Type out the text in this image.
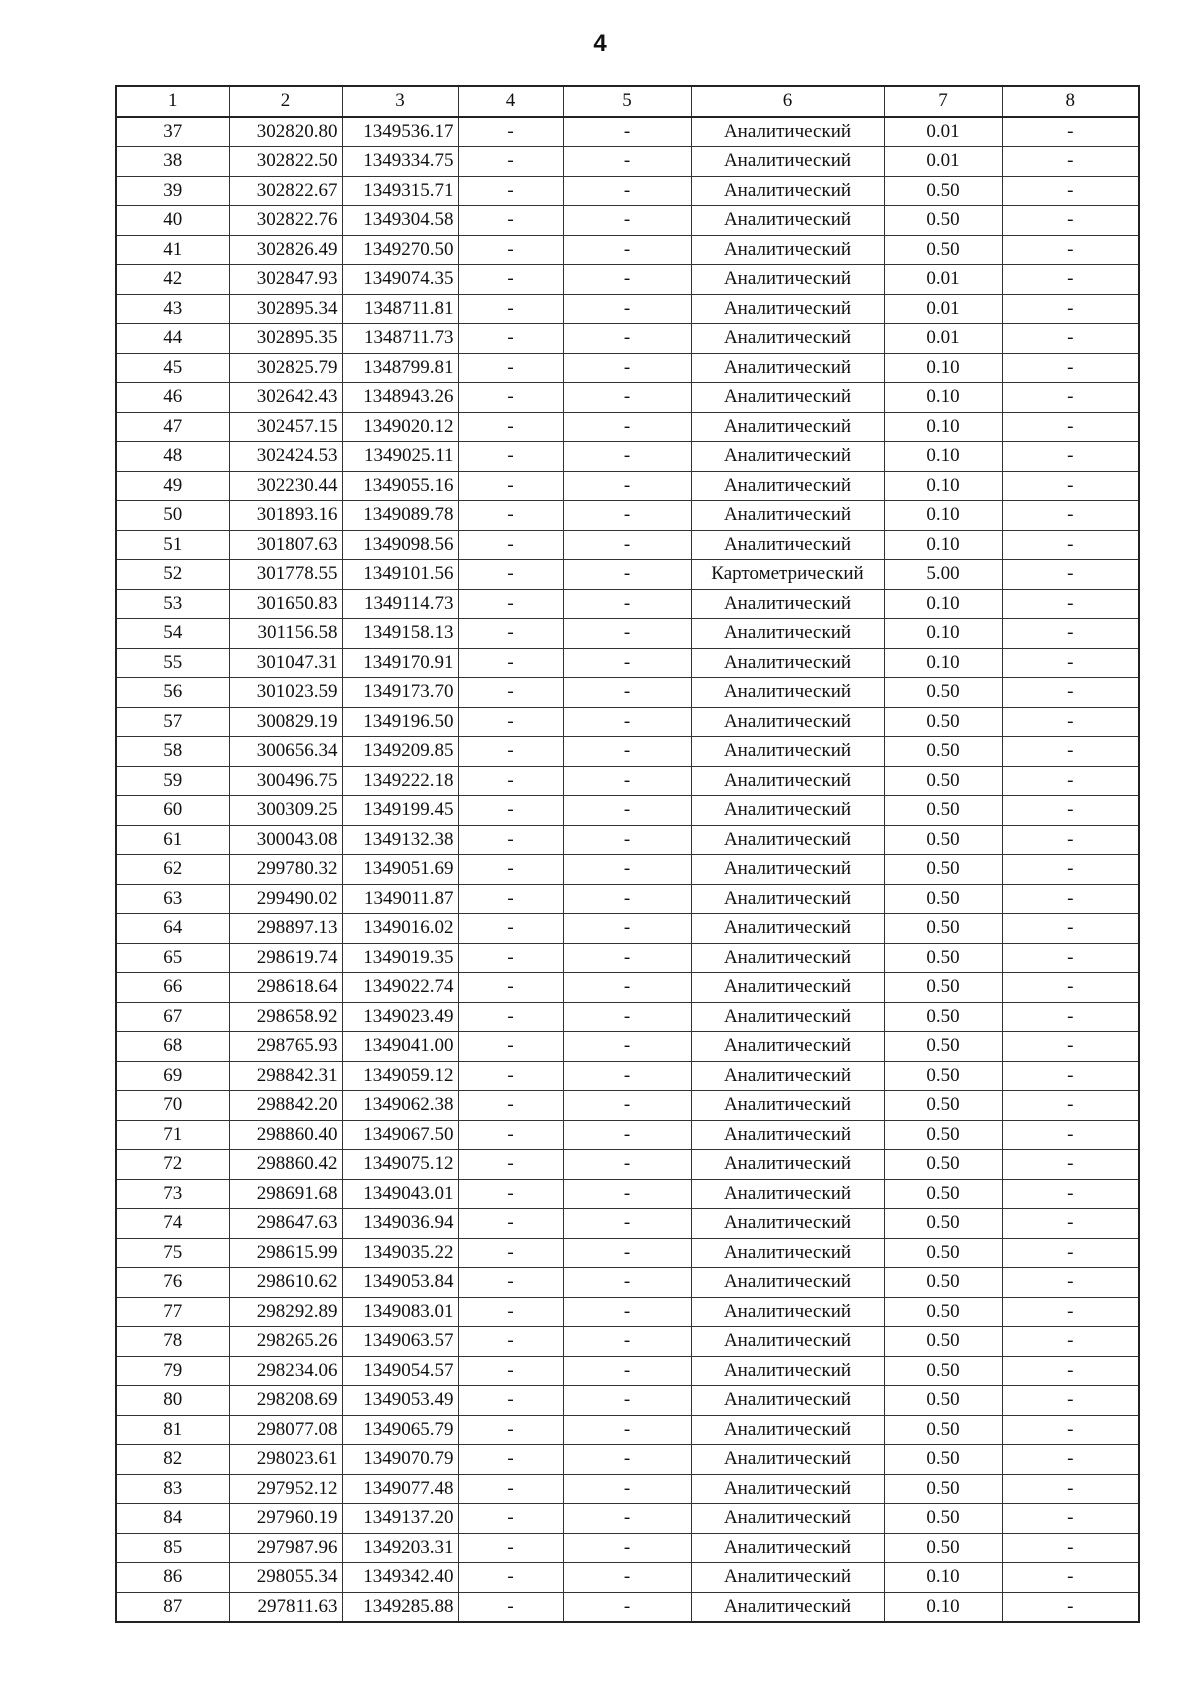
4
1	2	3	4	5	6	7	8
37	302820.80	1349536.17	-	-	Аналитический	0.01	-
38	302822.50	1349334.75	-	-	Аналитический	0.01	-
39	302822.67	1349315.71	-	-	Аналитический	0.50	-
40	302822.76	1349304.58	-	-	Аналитический	0.50	-
41	302826.49	1349270.50	-	-	Аналитический	0.50	-
42	302847.93	1349074.35	-	-	Аналитический	0.01	-
43	302895.34	1348711.81	-	-	Аналитический	0.01	-
44	302895.35	1348711.73	-	-	Аналитический	0.01	-
45	302825.79	1348799.81	-	-	Аналитический	0.10	-
46	302642.43	1348943.26	-	-	Аналитический	0.10	-
47	302457.15	1349020.12	-	-	Аналитический	0.10	-
48	302424.53	1349025.11	-	-	Аналитический	0.10	-
49	302230.44	1349055.16	-	-	Аналитический	0.10	-
50	301893.16	1349089.78	-	-	Аналитический	0.10	-
51	301807.63	1349098.56	-	-	Аналитический	0.10	-
52	301778.55	1349101.56	-	-	Картометрический	5.00	-
53	301650.83	1349114.73	-	-	Аналитический	0.10	-
54	301156.58	1349158.13	-	-	Аналитический	0.10	-
55	301047.31	1349170.91	-	-	Аналитический	0.10	-
56	301023.59	1349173.70	-	-	Аналитический	0.50	-
57	300829.19	1349196.50	-	-	Аналитический	0.50	-
58	300656.34	1349209.85	-	-	Аналитический	0.50	-
59	300496.75	1349222.18	-	-	Аналитический	0.50	-
60	300309.25	1349199.45	-	-	Аналитический	0.50	-
61	300043.08	1349132.38	-	-	Аналитический	0.50	-
62	299780.32	1349051.69	-	-	Аналитический	0.50	-
63	299490.02	1349011.87	-	-	Аналитический	0.50	-
64	298897.13	1349016.02	-	-	Аналитический	0.50	-
65	298619.74	1349019.35	-	-	Аналитический	0.50	-
66	298618.64	1349022.74	-	-	Аналитический	0.50	-
67	298658.92	1349023.49	-	-	Аналитический	0.50	-
68	298765.93	1349041.00	-	-	Аналитический	0.50	-
69	298842.31	1349059.12	-	-	Аналитический	0.50	-
70	298842.20	1349062.38	-	-	Аналитический	0.50	-
71	298860.40	1349067.50	-	-	Аналитический	0.50	-
72	298860.42	1349075.12	-	-	Аналитический	0.50	-
73	298691.68	1349043.01	-	-	Аналитический	0.50	-
74	298647.63	1349036.94	-	-	Аналитический	0.50	-
75	298615.99	1349035.22	-	-	Аналитический	0.50	-
76	298610.62	1349053.84	-	-	Аналитический	0.50	-
77	298292.89	1349083.01	-	-	Аналитический	0.50	-
78	298265.26	1349063.57	-	-	Аналитический	0.50	-
79	298234.06	1349054.57	-	-	Аналитический	0.50	-
80	298208.69	1349053.49	-	-	Аналитический	0.50	-
81	298077.08	1349065.79	-	-	Аналитический	0.50	-
82	298023.61	1349070.79	-	-	Аналитический	0.50	-
83	297952.12	1349077.48	-	-	Аналитический	0.50	-
84	297960.19	1349137.20	-	-	Аналитический	0.50	-
85	297987.96	1349203.31	-	-	Аналитический	0.50	-
86	298055.34	1349342.40	-	-	Аналитический	0.10	-
87	297811.63	1349285.88	-	-	Аналитический	0.10	-
